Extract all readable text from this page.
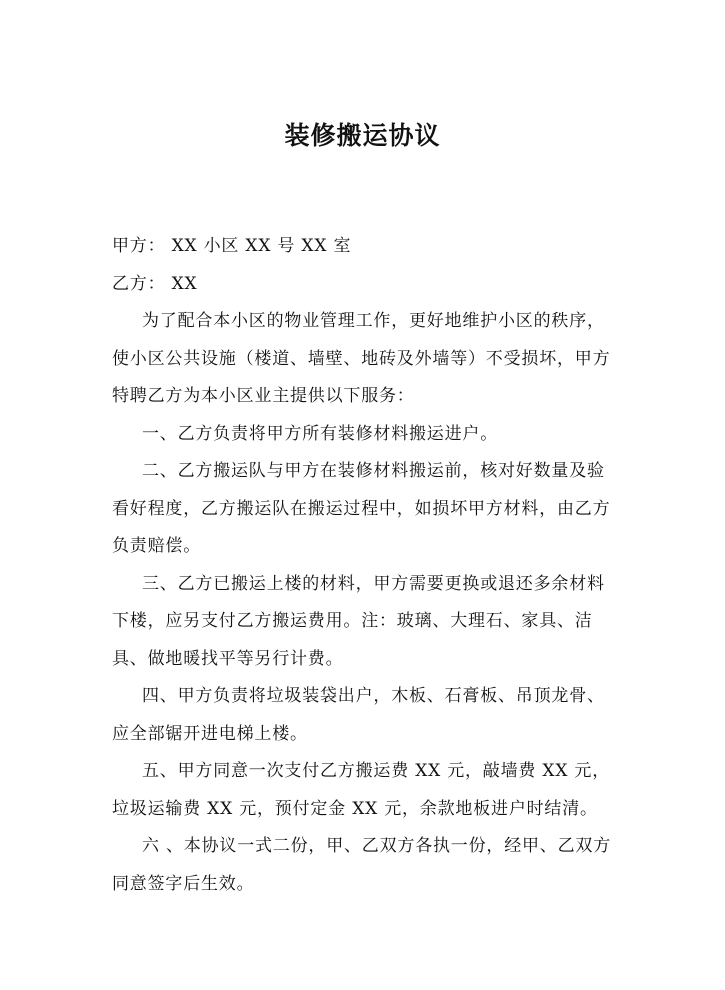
装修搬运协议

甲方： XX 小区 XX 号 XX 室

乙方： XX

为了配合本小区的物业管理工作，更好地维护小区的秩序，使小区公共设施（楼道、墙壁、地砖及外墙等）不受损坏，甲方特聘乙方为本小区业主提供以下服务：

一、乙方负责将甲方所有装修材料搬运进户。

二、乙方搬运队与甲方在装修材料搬运前，核对好数量及验看好程度，乙方搬运队在搬运过程中，如损坏甲方材料，由乙方负责赔偿。

三、乙方已搬运上楼的材料，甲方需要更换或退还多余材料下楼，应另支付乙方搬运费用。注：玻璃、大理石、家具、洁具、做地暖找平等另行计费。

四、甲方负责将垃圾装袋出户，木板、石膏板、吊顶龙骨、应全部锯开进电梯上楼。

五、甲方同意一次支付乙方搬运费 XX 元，敲墙费 XX 元，垃圾运输费 XX 元，预付定金 XX 元，余款地板进户时结清。

六 、本协议一式二份，甲、乙双方各执一份，经甲、乙双方同意签字后生效。
